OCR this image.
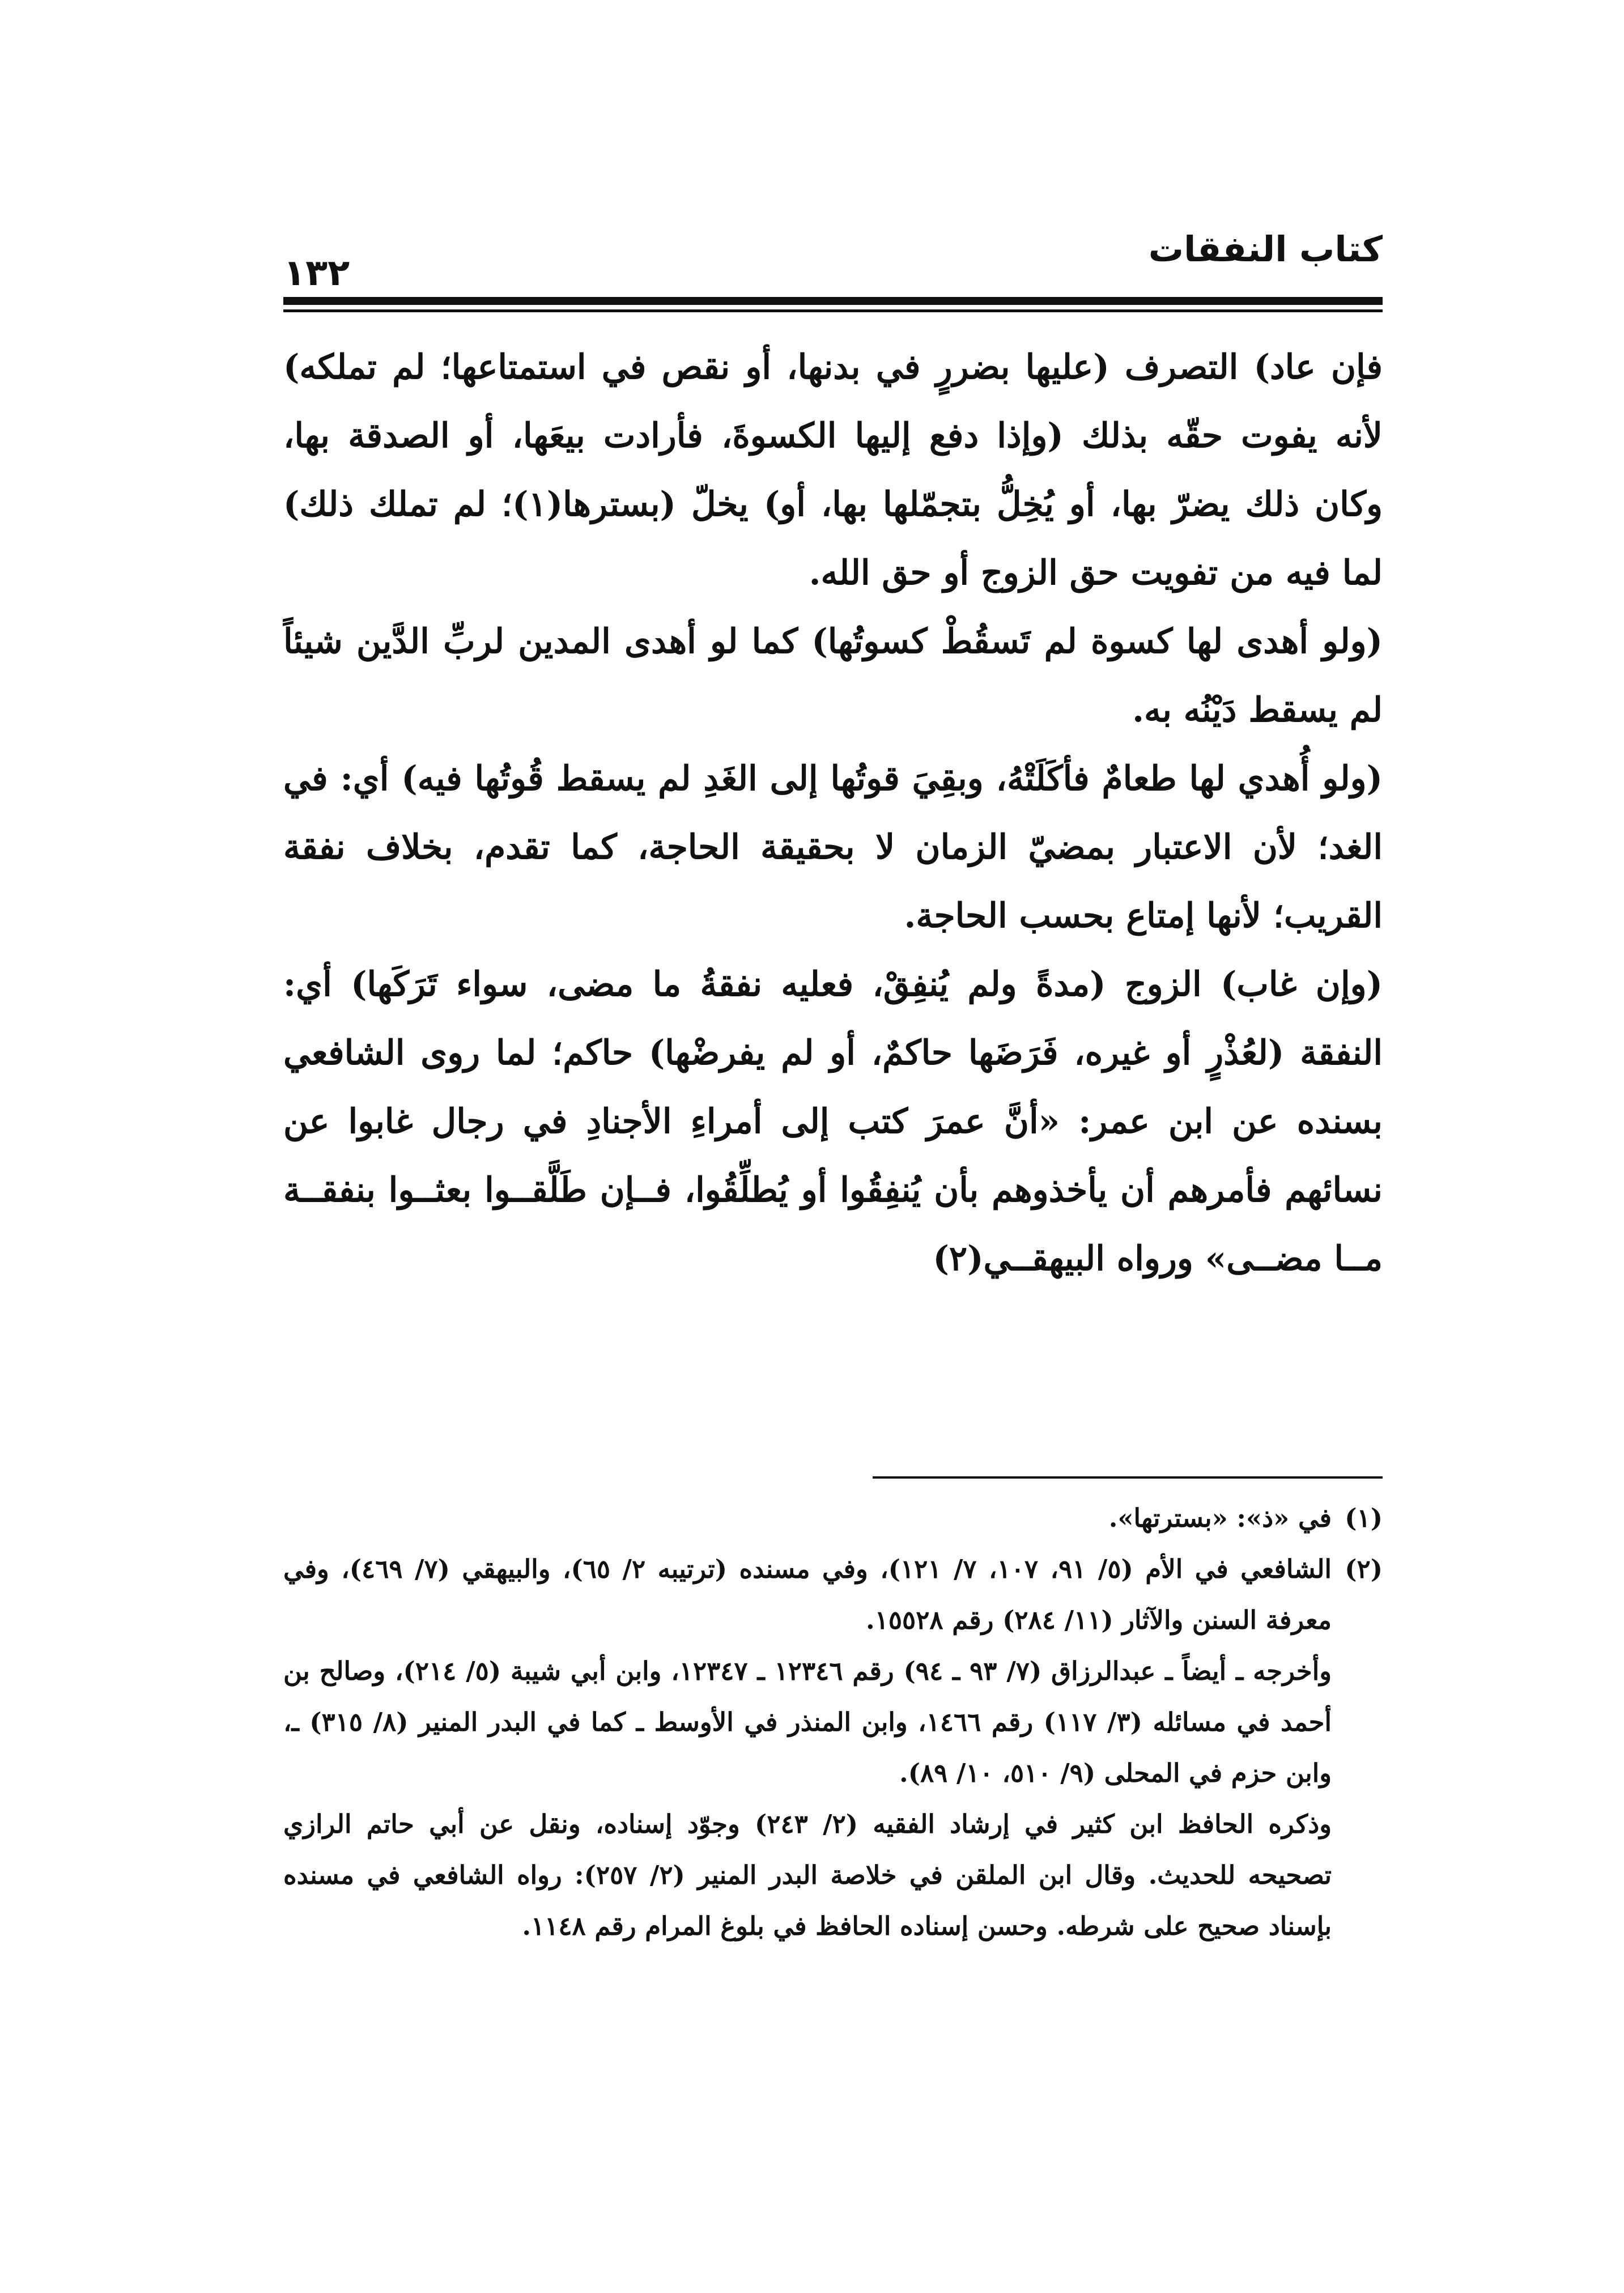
كتاب النفقات
١٣٢

فإن عاد) التصرف (عليها بضررٍ في بدنها، أو نقص في استمتاعها؛ لم تملكه) لأنه يفوت حقّه بذلك (وإذا دفع إليها الكسوةَ، فأرادت بيعَها، أو الصدقة بها، وكان ذلك يضرّ بها، أو يُخِلُّ بتجمّلها بها، أو) يخلّ (بسترها(١)؛ لم تملك ذلك) لما فيه من تفويت حق الزوج أو حق الله.

(ولو أهدى لها كسوة لم تَسقُطْ كسوتُها) كما لو أهدى المدين لربِّ الدَّين شيئاً لم يسقط دَيْنُه به.

(ولو أُهدي لها طعامٌ فأكَلَتْهُ، وبقِيَ قوتُها إلى الغَدِ لم يسقط قُوتُها فيه) أي: في الغد؛ لأن الاعتبار بمضيّ الزمان لا بحقيقة الحاجة، كما تقدم، بخلاف نفقة القريب؛ لأنها إمتاع بحسب الحاجة.

(وإن غاب) الزوج (مدةً ولم يُنفِقْ، فعليه نفقةُ ما مضى، سواء تَرَكَها) أي: النفقة (لعُذْرٍ أو غيره، فَرَضَها حاكمٌ، أو لم يفرضْها) حاكم؛ لما روى الشافعي بسنده عن ابن عمر: «أنَّ عمرَ كتب إلى أمراءِ الأجنادِ في رجال غابوا عن نسائهم فأمرهم أن يأخذوهم بأن يُنفِقُوا أو يُطلِّقُوا، فــإن طَلَّقــوا بعثــوا بنفقــة مــا مضــى» ورواه البيهقــي(٢)

(١)

في «ذ»: «بسترتها».

(٢)

الشافعي في الأم (٥/ ٩١، ١٠٧، ٧/ ١٢١)، وفي مسنده (ترتيبه ٢/ ٦٥)، والبيهقي (٧/ ٤٦٩)، وفي معرفة السنن والآثار (١١/ ٢٨٤) رقم ١٥٥٢٨.

وأخرجه ـ أيضاً ـ عبدالرزاق (٧/ ٩٣ ـ ٩٤) رقم ١٢٣٤٦ ـ ١٢٣٤٧، وابن أبي شيبة (٥/ ٢١٤)، وصالح بن أحمد في مسائله (٣/ ١١٧) رقم ١٤٦٦، وابن المنذر في الأوسط ـ كما في البدر المنير (٨/ ٣١٥) ـ، وابن حزم في المحلى (٩/ ٥١٠، ١٠/ ٨٩).

وذكره الحافظ ابن كثير في إرشاد الفقيه (٢/ ٢٤٣) وجوّد إسناده، ونقل عن أبي حاتم الرازي تصحيحه للحديث. وقال ابن الملقن في خلاصة البدر المنير (٢/ ٢٥٧): رواه الشافعي في مسنده بإسناد صحيح على شرطه. وحسن إسناده الحافظ في بلوغ المرام رقم ١١٤٨.
